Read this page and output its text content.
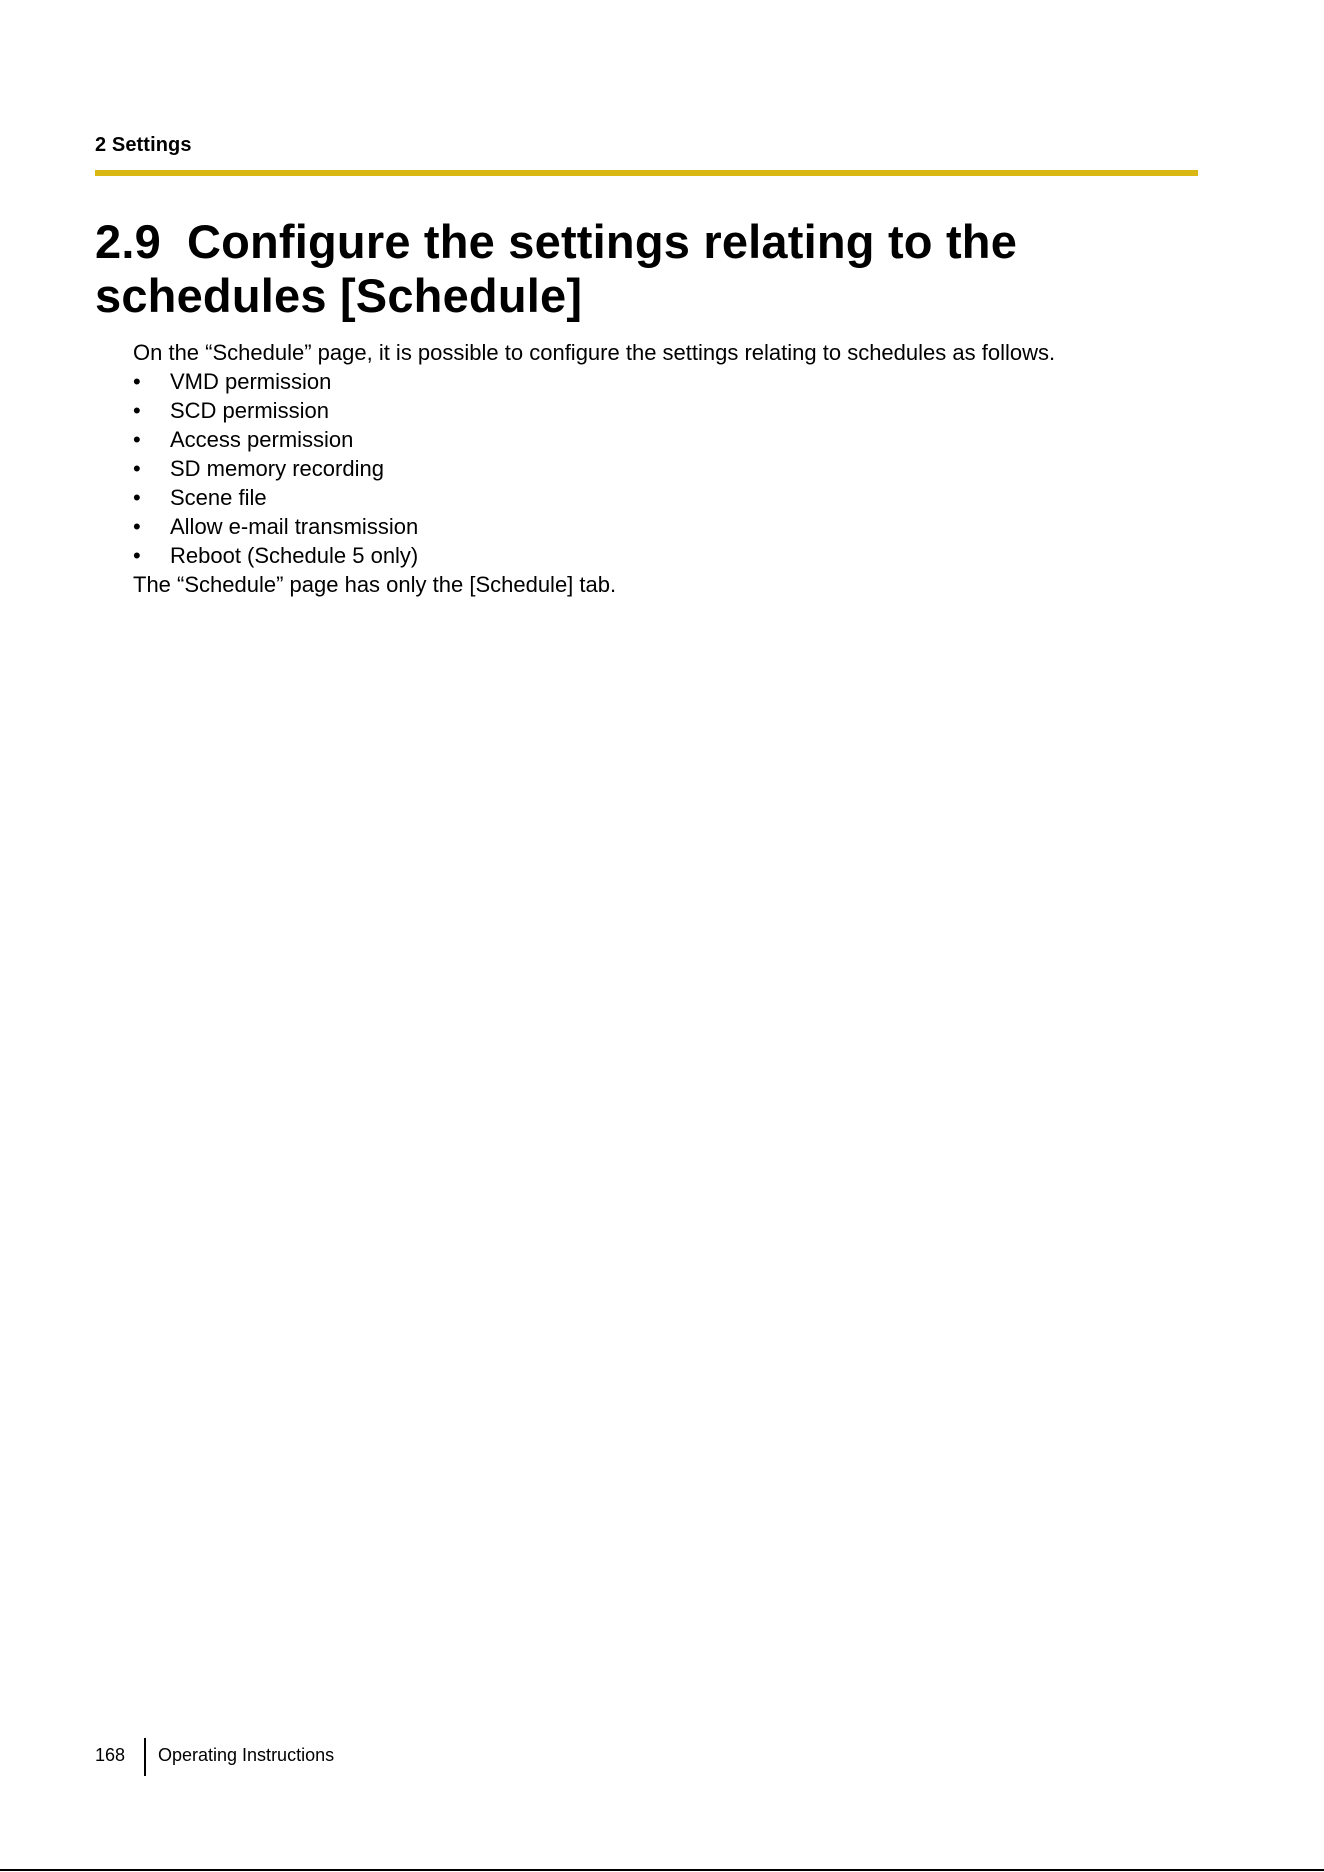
2 Settings
2.9 Configure the settings relating to the schedules [Schedule]

On the “Schedule” page, it is possible to configure the settings relating to schedules as follows.

• VMD permission
• SCD permission
• Access permission
• SD memory recording
• Scene file
• Allow e-mail transmission
• Reboot (Schedule 5 only)

The “Schedule” page has only the [Schedule] tab.

168 Operating Instructions
